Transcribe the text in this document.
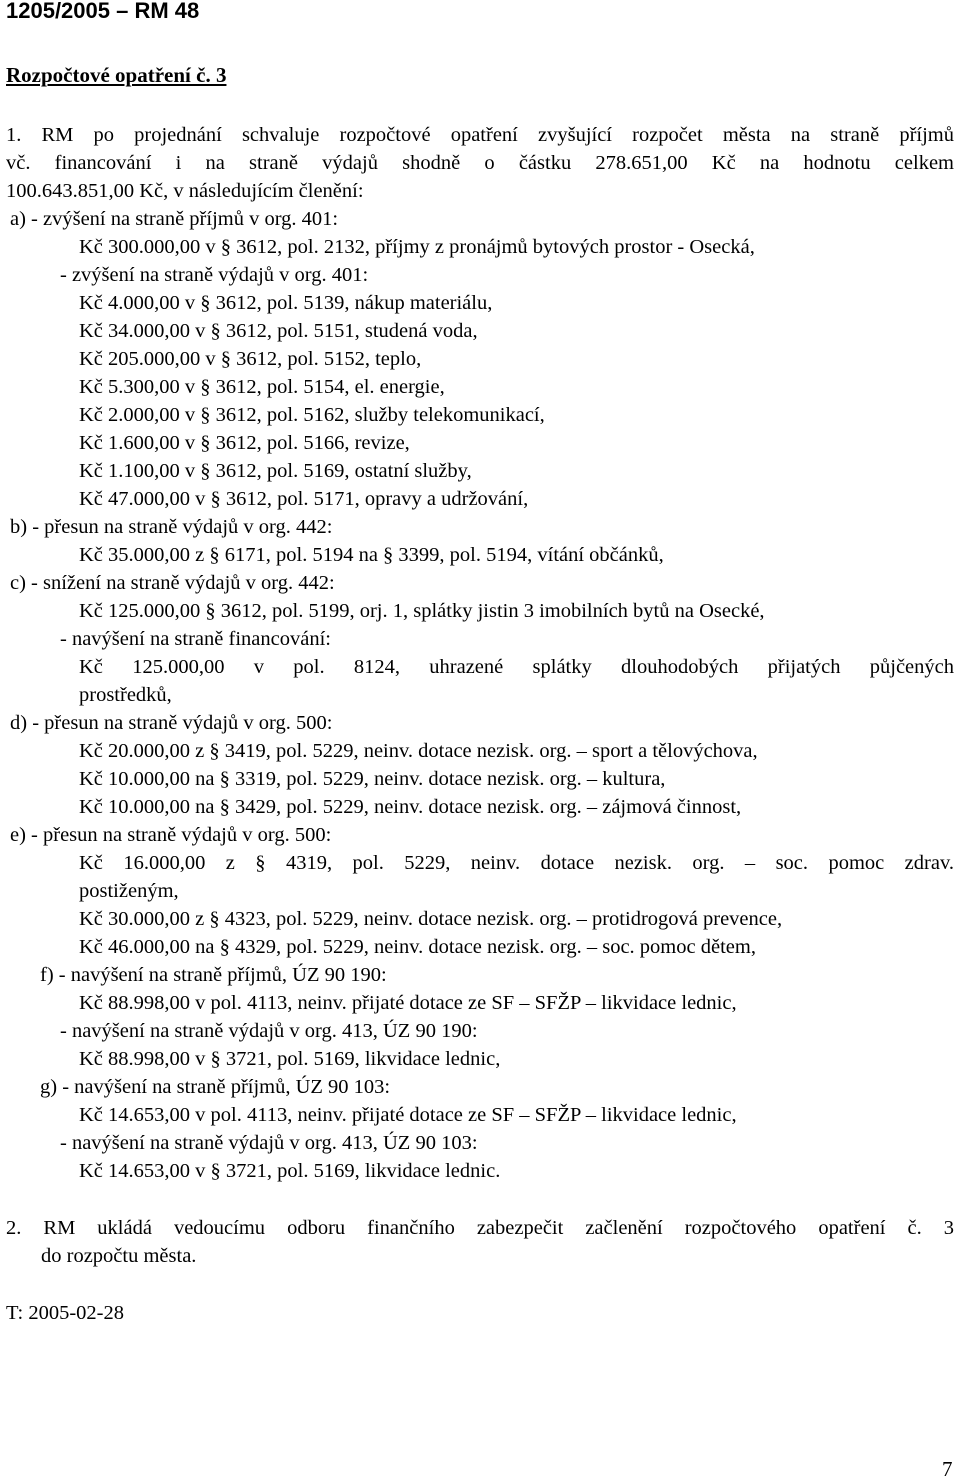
1205/2005 – RM 48
Rozpočtové opatření č. 3
1. RM po projednání schvaluje rozpočtové opatření zvyšující rozpočet města na straně příjmů
vč. financování i na straně výdajů shodně o částku 278.651,00 Kč na hodnotu celkem
100.643.851,00 Kč, v následujícím členění:
a) - zvýšení na straně příjmů v org. 401:
Kč 300.000,00 v § 3612, pol. 2132, příjmy z pronájmů bytových prostor - Osecká,
- zvýšení na straně výdajů v org. 401:
Kč 4.000,00 v § 3612, pol. 5139, nákup materiálu,
Kč 34.000,00 v § 3612, pol. 5151, studená voda,
Kč 205.000,00 v § 3612, pol. 5152, teplo,
Kč 5.300,00 v § 3612, pol. 5154, el. energie,
Kč 2.000,00 v § 3612, pol. 5162, služby telekomunikací,
Kč 1.600,00 v § 3612, pol. 5166, revize,
Kč 1.100,00 v § 3612, pol. 5169, ostatní služby,
Kč 47.000,00 v § 3612, pol. 5171, opravy a udržování,
b) - přesun na straně výdajů v org. 442:
Kč 35.000,00 z § 6171, pol. 5194 na § 3399, pol. 5194, vítání občánků,
c) - snížení na straně výdajů v org. 442:
Kč 125.000,00 § 3612, pol. 5199, orj. 1, splátky jistin 3 imobilních bytů na Osecké,
- navýšení na straně financování:
Kč 125.000,00 v pol. 8124, uhrazené splátky dlouhodobých přijatých půjčených
prostředků,
d) - přesun na straně výdajů v org. 500:
Kč 20.000,00 z § 3419, pol. 5229, neinv. dotace nezisk. org. – sport a tělovýchova,
Kč 10.000,00 na § 3319, pol. 5229, neinv. dotace nezisk. org. – kultura,
Kč 10.000,00 na § 3429, pol. 5229, neinv. dotace nezisk. org. – zájmová činnost,
e) - přesun na straně výdajů v org. 500:
Kč 16.000,00 z § 4319, pol. 5229, neinv. dotace nezisk. org. – soc. pomoc zdrav.
postiženým,
Kč 30.000,00 z § 4323, pol. 5229, neinv. dotace nezisk. org. – protidrogová prevence,
Kč 46.000,00 na § 4329, pol. 5229, neinv. dotace nezisk. org. – soc. pomoc dětem,
f) - navýšení na straně příjmů, ÚZ 90 190:
Kč 88.998,00 v pol. 4113, neinv. přijaté dotace ze SF – SFŽP – likvidace lednic,
- navýšení na straně výdajů v org. 413, ÚZ 90 190:
Kč 88.998,00 v § 3721, pol. 5169, likvidace lednic,
g) - navýšení na straně příjmů, ÚZ 90 103:
Kč 14.653,00 v pol. 4113, neinv. přijaté dotace ze SF – SFŽP – likvidace lednic,
- navýšení na straně výdajů v org. 413, ÚZ 90 103:
Kč 14.653,00 v § 3721, pol. 5169, likvidace lednic.
2. RM ukládá vedoucímu odboru finančního zabezpečit začlenění rozpočtového opatření č. 3
do rozpočtu města.
T: 2005-02-28
7
